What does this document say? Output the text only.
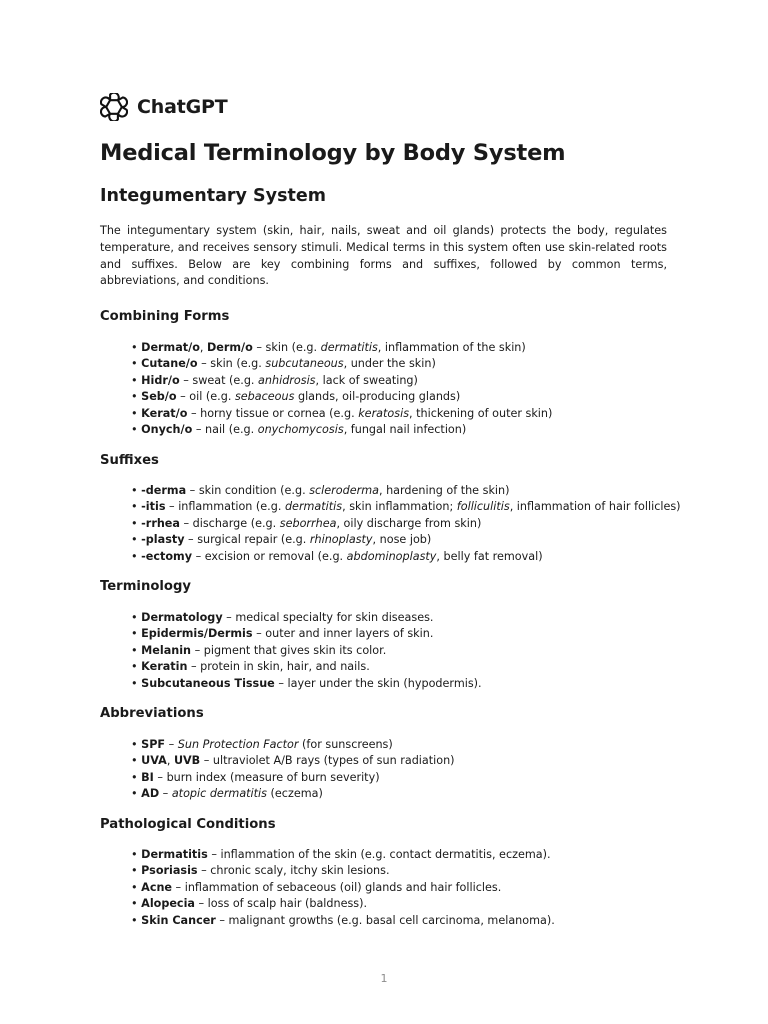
ChatGPT
Medical Terminology by Body System
Integumentary System

The integumentary system (skin, hair, nails, sweat and oil glands) protects the body, regulates temperature, and receives sensory stimuli. Medical terms in this system often use skin-related roots and suffixes. Below are key combining forms and suffixes, followed by common terms, abbreviations, and conditions.

Combining Forms
• Dermat/o, Derm/o – skin (e.g. dermatitis, inflammation of the skin)
• Cutane/o – skin (e.g. subcutaneous, under the skin)
• Hidr/o – sweat (e.g. anhidrosis, lack of sweating)
• Seb/o – oil (e.g. sebaceous glands, oil-producing glands)
• Kerat/o – horny tissue or cornea (e.g. keratosis, thickening of outer skin)
• Onych/o – nail (e.g. onychomycosis, fungal nail infection)
Suffixes
• -derma – skin condition (e.g. scleroderma, hardening of the skin)
• -itis – inflammation (e.g. dermatitis, skin inflammation; folliculitis, inflammation of hair follicles)
• -rrhea – discharge (e.g. seborrhea, oily discharge from skin)
• -plasty – surgical repair (e.g. rhinoplasty, nose job)
• -ectomy – excision or removal (e.g. abdominoplasty, belly fat removal)
Terminology
• Dermatology – medical specialty for skin diseases.
• Epidermis/Dermis – outer and inner layers of skin.
• Melanin – pigment that gives skin its color.
• Keratin – protein in skin, hair, and nails.
• Subcutaneous Tissue – layer under the skin (hypodermis).
Abbreviations
• SPF – Sun Protection Factor (for sunscreens)
• UVA, UVB – ultraviolet A/B rays (types of sun radiation)
• BI – burn index (measure of burn severity)
• AD – atopic dermatitis (eczema)
Pathological Conditions
• Dermatitis – inflammation of the skin (e.g. contact dermatitis, eczema).
• Psoriasis – chronic scaly, itchy skin lesions.
• Acne – inflammation of sebaceous (oil) glands and hair follicles.
• Alopecia – loss of scalp hair (baldness).
• Skin Cancer – malignant growths (e.g. basal cell carcinoma, melanoma).
1
